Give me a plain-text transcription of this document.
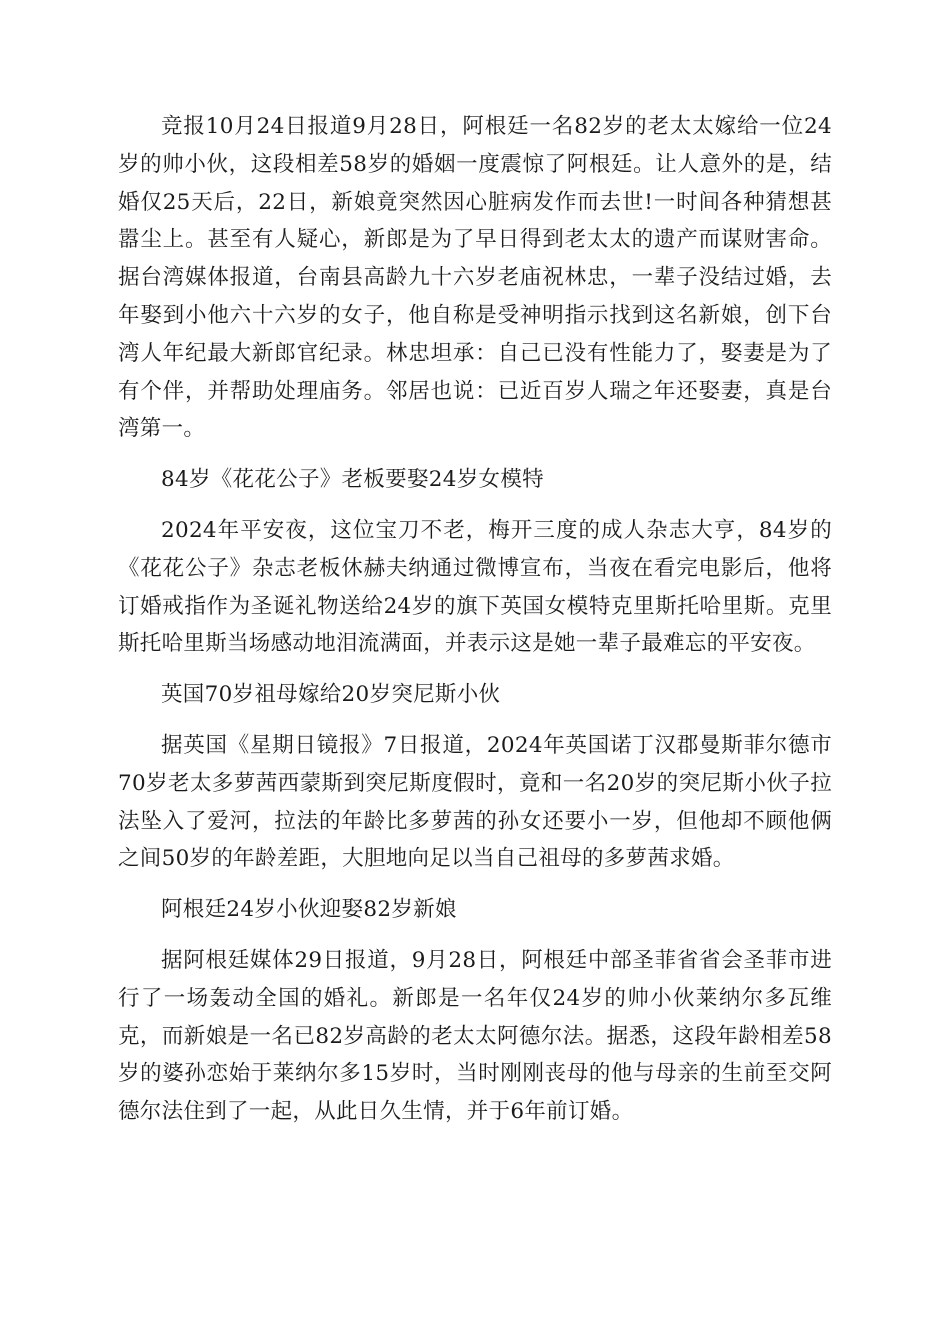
竞报10月24日报道9月28日，阿根廷一名82岁的老太太嫁给一位24岁的帅小伙，这段相差58岁的婚姻一度震惊了阿根廷。让人意外的是，结婚仅25天后，22日，新娘竟突然因心脏病发作而去世!一时间各种猜想甚嚣尘上。甚至有人疑心，新郎是为了早日得到老太太的遗产而谋财害命。据台湾媒体报道，台南县高龄九十六岁老庙祝林忠，一辈子没结过婚，去年娶到小他六十六岁的女子，他自称是受神明指示找到这名新娘，创下台湾人年纪最大新郎官纪录。林忠坦承：自己已没有性能力了，娶妻是为了有个伴，并帮助处理庙务。邻居也说：已近百岁人瑞之年还娶妻，真是台湾第一。

84岁《花花公子》老板要娶24岁女模特

2024年平安夜，这位宝刀不老，梅开三度的成人杂志大亨，84岁的《花花公子》杂志老板休赫夫纳通过微博宣布，当夜在看完电影后，他将订婚戒指作为圣诞礼物送给24岁的旗下英国女模特克里斯托哈里斯。克里斯托哈里斯当场感动地泪流满面，并表示这是她一辈子最难忘的平安夜。

英国70岁祖母嫁给20岁突尼斯小伙

据英国《星期日镜报》7日报道，2024年英国诺丁汉郡曼斯菲尔德市70岁老太多萝茜西蒙斯到突尼斯度假时，竟和一名20岁的突尼斯小伙子拉法坠入了爱河，拉法的年龄比多萝茜的孙女还要小一岁，但他却不顾他俩之间50岁的年龄差距，大胆地向足以当自己祖母的多萝茜求婚。

阿根廷24岁小伙迎娶82岁新娘

据阿根廷媒体29日报道，9月28日，阿根廷中部圣菲省省会圣菲市进行了一场轰动全国的婚礼。新郎是一名年仅24岁的帅小伙莱纳尔多瓦维克，而新娘是一名已82岁高龄的老太太阿德尔法。据悉，这段年龄相差58岁的婆孙恋始于莱纳尔多15岁时，当时刚刚丧母的他与母亲的生前至交阿德尔法住到了一起，从此日久生情，并于6年前订婚。
